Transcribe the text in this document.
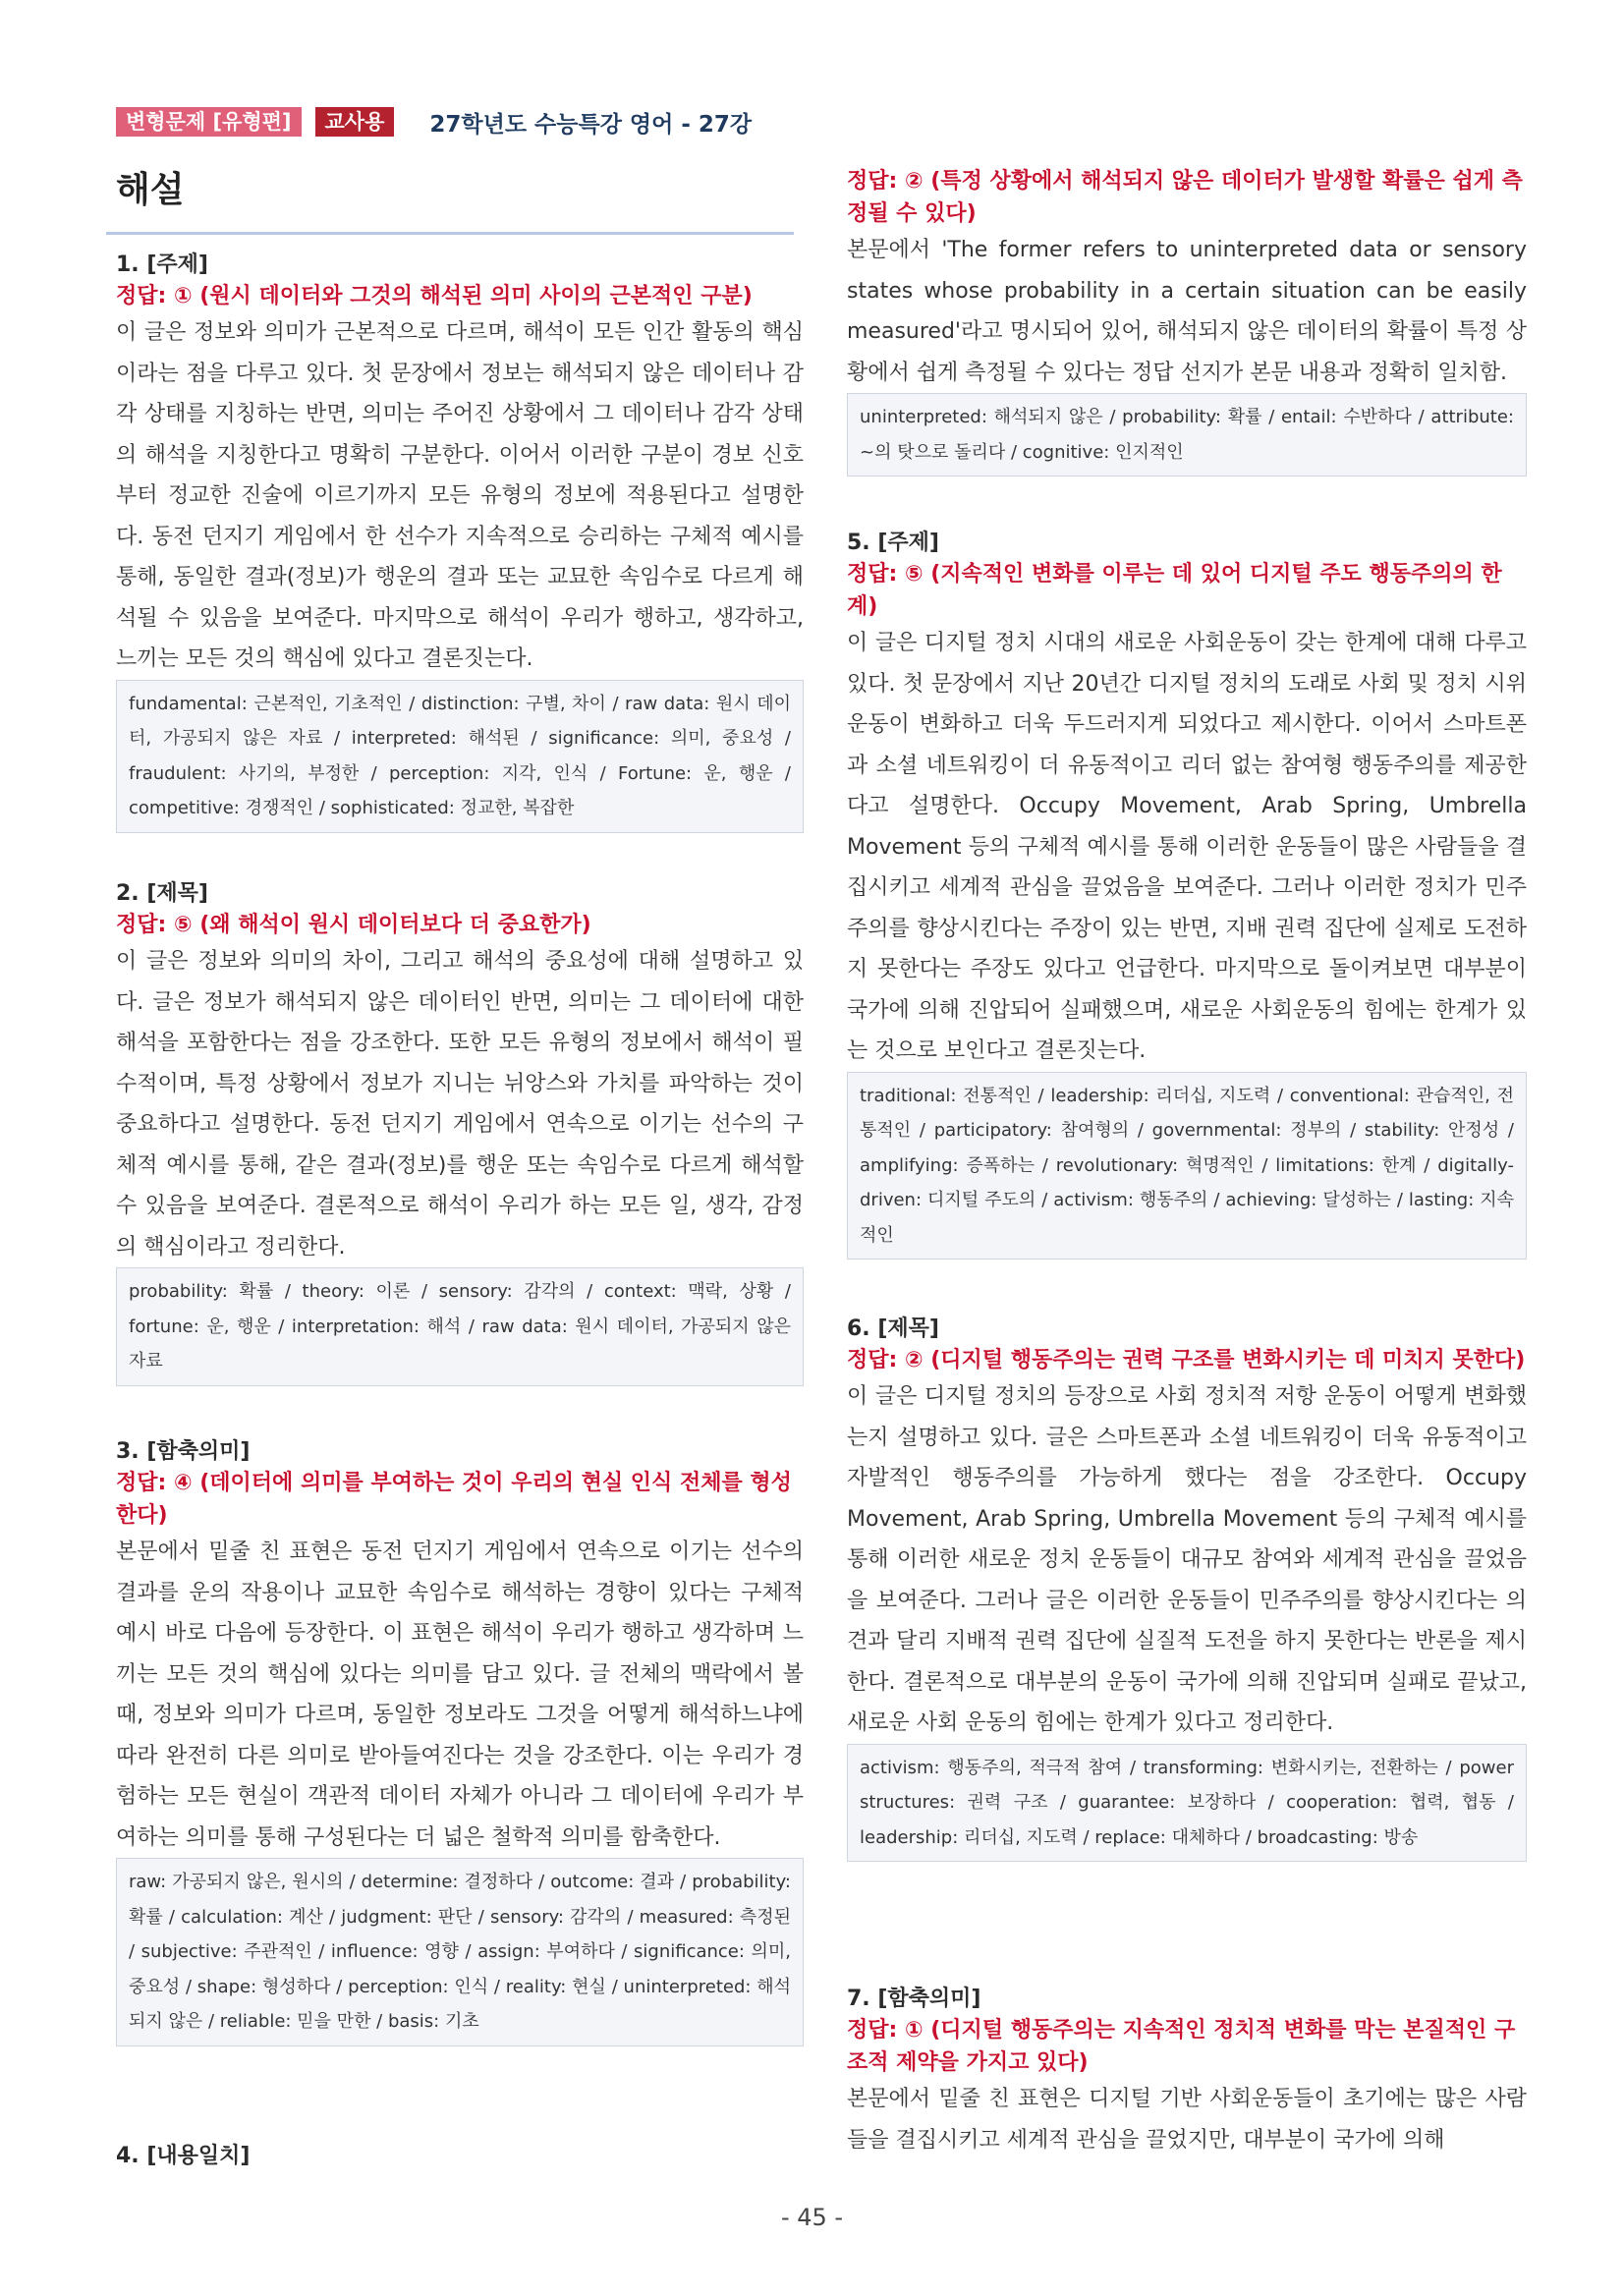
변형문제 [유형편]	교사용	27학년도 수능특강 영어 - 27강
해설
1. [주제]
정답: ① (원시 데이터와 그것의 해석된 의미 사이의 근본적인 구분)
이 글은 정보와 의미가 근본적으로 다르며, 해석이 모든 인간 활동의 핵심이라는 점을 다루고 있다. 첫 문장에서 정보는 해석되지 않은 데이터나 감각 상태를 지칭하는 반면, 의미는 주어진 상황에서 그 데이터나 감각 상태의 해석을 지칭한다고 명확히 구분한다. 이어서 이러한 구분이 경보 신호부터 정교한 진술에 이르기까지 모든 유형의 정보에 적용된다고 설명한다. 동전 던지기 게임에서 한 선수가 지속적으로 승리하는 구체적 예시를 통해, 동일한 결과(정보)가 행운의 결과 또는 교묘한 속임수로 다르게 해석될 수 있음을 보여준다. 마지막으로 해석이 우리가 행하고, 생각하고, 느끼는 모든 것의 핵심에 있다고 결론짓는다.
fundamental: 근본적인, 기초적인 / distinction: 구별, 차이 / raw data: 원시 데이터, 가공되지 않은 자료 / interpreted: 해석된 / significance: 의미, 중요성 / fraudulent: 사기의, 부정한 / perception: 지각, 인식 / Fortune: 운, 행운 / competitive: 경쟁적인 / sophisticated: 정교한, 복잡한
2. [제목]
정답: ⑤ (왜 해석이 원시 데이터보다 더 중요한가)
이 글은 정보와 의미의 차이, 그리고 해석의 중요성에 대해 설명하고 있다. 글은 정보가 해석되지 않은 데이터인 반면, 의미는 그 데이터에 대한 해석을 포함한다는 점을 강조한다. 또한 모든 유형의 정보에서 해석이 필수적이며, 특정 상황에서 정보가 지니는 뉘앙스와 가치를 파악하는 것이 중요하다고 설명한다. 동전 던지기 게임에서 연속으로 이기는 선수의 구체적 예시를 통해, 같은 결과(정보)를 행운 또는 속임수로 다르게 해석할 수 있음을 보여준다. 결론적으로 해석이 우리가 하는 모든 일, 생각, 감정의 핵심이라고 정리한다.
probability: 확률 / theory: 이론 / sensory: 감각의 / context: 맥락, 상황 / fortune: 운, 행운 / interpretation: 해석 / raw data: 원시 데이터, 가공되지 않은 자료
3. [함축의미]
정답: ④ (데이터에 의미를 부여하는 것이 우리의 현실 인식 전체를 형성한다)
본문에서 밑줄 친 표현은 동전 던지기 게임에서 연속으로 이기는 선수의 결과를 운의 작용이나 교묘한 속임수로 해석하는 경향이 있다는 구체적 예시 바로 다음에 등장한다. 이 표현은 해석이 우리가 행하고 생각하며 느끼는 모든 것의 핵심에 있다는 의미를 담고 있다. 글 전체의 맥락에서 볼 때, 정보와 의미가 다르며, 동일한 정보라도 그것을 어떻게 해석하느냐에 따라 완전히 다른 의미로 받아들여진다는 것을 강조한다. 이는 우리가 경험하는 모든 현실이 객관적 데이터 자체가 아니라 그 데이터에 우리가 부여하는 의미를 통해 구성된다는 더 넓은 철학적 의미를 함축한다.
raw: 가공되지 않은, 원시의 / determine: 결정하다 / outcome: 결과 / probability: 확률 / calculation: 계산 / judgment: 판단 / sensory: 감각의 / measured: 측정된 / subjective: 주관적인 / influence: 영향 / assign: 부여하다 / significance: 의미, 중요성 / shape: 형성하다 / perception: 인식 / reality: 현실 / uninterpreted: 해석되지 않은 / reliable: 믿을 만한 / basis: 기초
4. [내용일치]
정답: ② (특정 상황에서 해석되지 않은 데이터가 발생할 확률은 쉽게 측정될 수 있다)
본문에서 'The former refers to uninterpreted data or sensory states whose probability in a certain situation can be easily measured'라고 명시되어 있어, 해석되지 않은 데이터의 확률이 특정 상황에서 쉽게 측정될 수 있다는 정답 선지가 본문 내용과 정확히 일치함.
uninterpreted: 해석되지 않은 / probability: 확률 / entail: 수반하다 / attribute: ~의 탓으로 돌리다 / cognitive: 인지적인
5. [주제]
정답: ⑤ (지속적인 변화를 이루는 데 있어 디지털 주도 행동주의의 한계)
이 글은 디지털 정치 시대의 새로운 사회운동이 갖는 한계에 대해 다루고 있다. 첫 문장에서 지난 20년간 디지털 정치의 도래로 사회 및 정치 시위 운동이 변화하고 더욱 두드러지게 되었다고 제시한다. 이어서 스마트폰과 소셜 네트워킹이 더 유동적이고 리더 없는 참여형 행동주의를 제공한다고 설명한다. Occupy Movement, Arab Spring, Umbrella Movement 등의 구체적 예시를 통해 이러한 운동들이 많은 사람들을 결집시키고 세계적 관심을 끌었음을 보여준다. 그러나 이러한 정치가 민주주의를 향상시킨다는 주장이 있는 반면, 지배 권력 집단에 실제로 도전하지 못한다는 주장도 있다고 언급한다. 마지막으로 돌이켜보면 대부분이 국가에 의해 진압되어 실패했으며, 새로운 사회운동의 힘에는 한계가 있는 것으로 보인다고 결론짓는다.
traditional: 전통적인 / leadership: 리더십, 지도력 / conventional: 관습적인, 전통적인 / participatory: 참여형의 / governmental: 정부의 / stability: 안정성 / amplifying: 증폭하는 / revolutionary: 혁명적인 / limitations: 한계 / digitally-driven: 디지털 주도의 / activism: 행동주의 / achieving: 달성하는 / lasting: 지속적인
6. [제목]
정답: ② (디지털 행동주의는 권력 구조를 변화시키는 데 미치지 못한다)
이 글은 디지털 정치의 등장으로 사회 정치적 저항 운동이 어떻게 변화했는지 설명하고 있다. 글은 스마트폰과 소셜 네트워킹이 더욱 유동적이고 자발적인 행동주의를 가능하게 했다는 점을 강조한다. Occupy Movement, Arab Spring, Umbrella Movement 등의 구체적 예시를 통해 이러한 새로운 정치 운동들이 대규모 참여와 세계적 관심을 끌었음을 보여준다. 그러나 글은 이러한 운동들이 민주주의를 향상시킨다는 의견과 달리 지배적 권력 집단에 실질적 도전을 하지 못한다는 반론을 제시한다. 결론적으로 대부분의 운동이 국가에 의해 진압되며 실패로 끝났고, 새로운 사회 운동의 힘에는 한계가 있다고 정리한다.
activism: 행동주의, 적극적 참여 / transforming: 변화시키는, 전환하는 / power structures: 권력 구조 / guarantee: 보장하다 / cooperation: 협력, 협동 / leadership: 리더십, 지도력 / replace: 대체하다 / broadcasting: 방송
7. [함축의미]
정답: ① (디지털 행동주의는 지속적인 정치적 변화를 막는 본질적인 구조적 제약을 가지고 있다)
본문에서 밑줄 친 표현은 디지털 기반 사회운동들이 초기에는 많은 사람들을 결집시키고 세계적 관심을 끌었지만, 대부분이 국가에 의해
- 45 -
